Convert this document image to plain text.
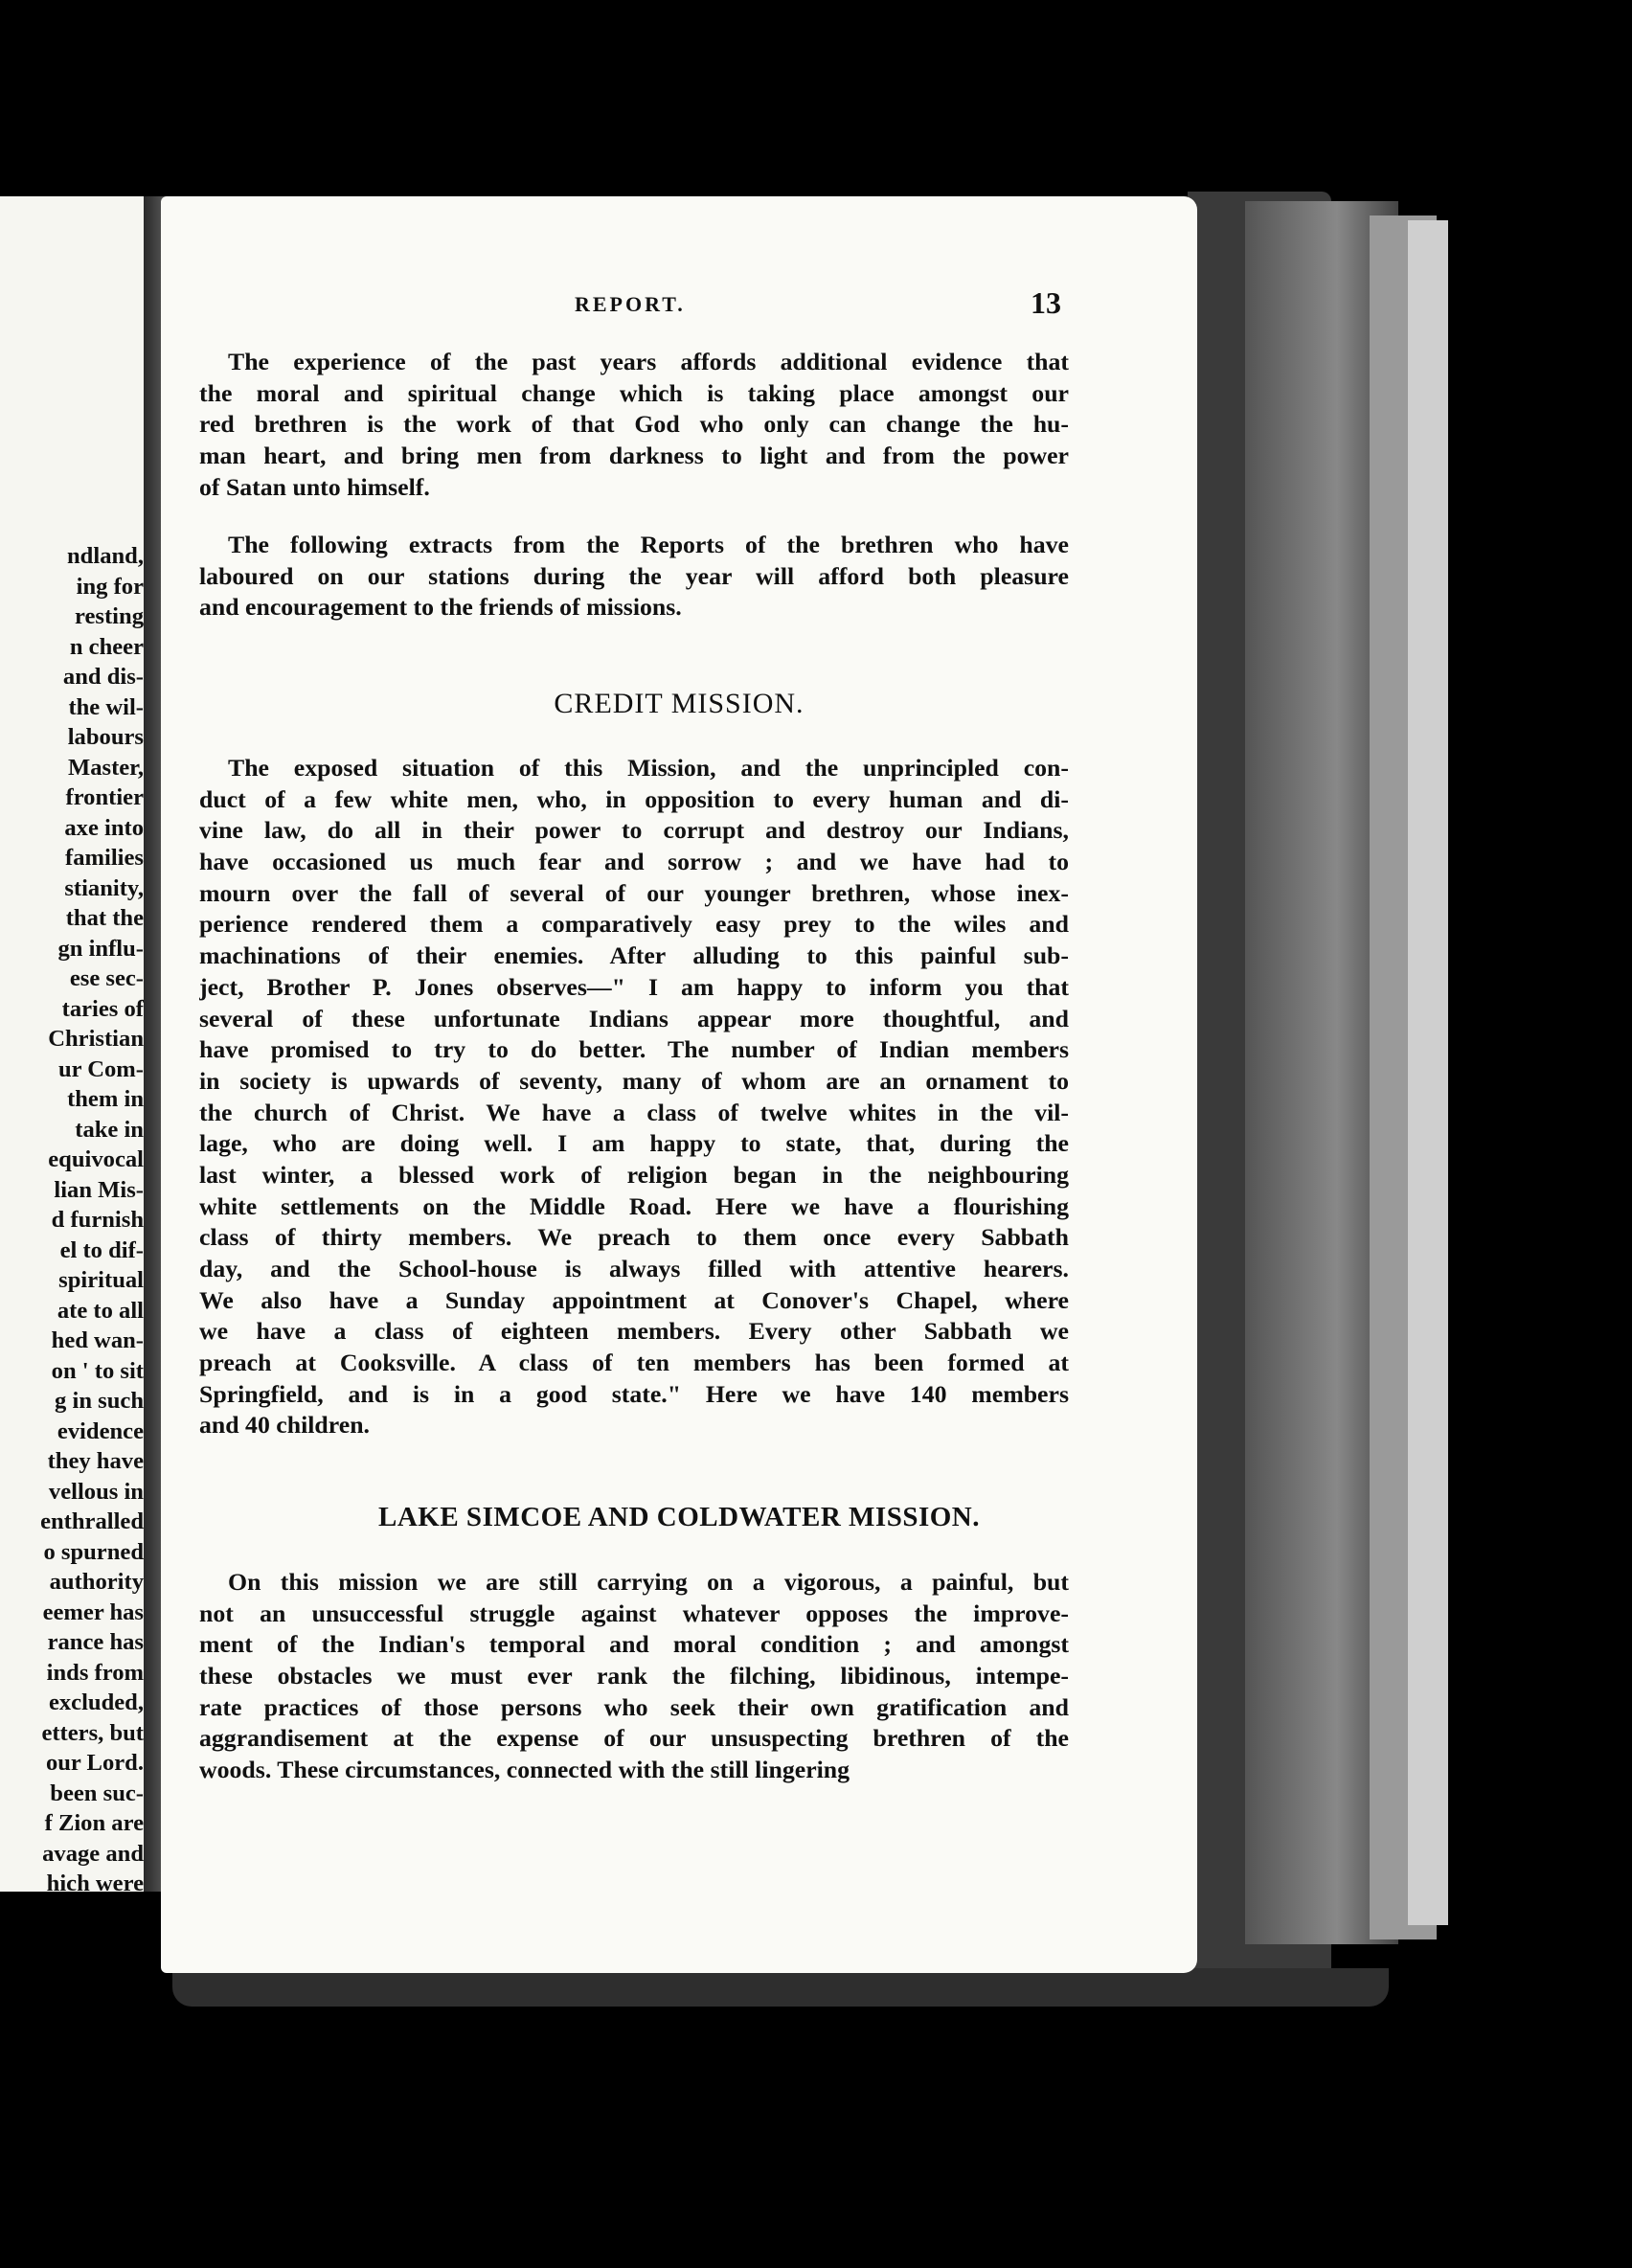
ndland,
ing for
resting
n cheer
and dis-
the wil-
labours
Master,
frontier
axe into
families
stianity,
that the
gn influ-
ese sec-
taries of
Christian
ur Com-
them in
take in
equivocal
lian Mis-
d furnish
el to dif-
spiritual
ate to all
hed wan-
on ' to sit
g in such
evidence
they have
vellous in
enthralled
o spurned
authority
eemer has
rance has
inds from
excluded,
etters, but
our Lord.
been suc-
f Zion are
avage and
hich were
REPORT.	13
The experience of the past years affords additional evidence that
the moral and spiritual change which is taking place amongst our
red brethren is the work of that God who only can change the hu-
man heart, and bring men from darkness to light and from the power
of Satan unto himself.
The following extracts from the Reports of the brethren who have
laboured on our stations during the year will afford both pleasure
and encouragement to the friends of missions.
CREDIT MISSION.
The exposed situation of this Mission, and the unprincipled con-
duct of a few white men, who, in opposition to every human and di-
vine law, do all in their power to corrupt and destroy our Indians,
have occasioned us much fear and sorrow ; and we have had to
mourn over the fall of several of our younger brethren, whose inex-
perience rendered them a comparatively easy prey to the wiles and
machinations of their enemies. After alluding to this painful sub-
ject, Brother P. Jones observes—" I am happy to inform you that
several of these unfortunate Indians appear more thoughtful, and
have promised to try to do better. The number of Indian members
in society is upwards of seventy, many of whom are an ornament to
the church of Christ. We have a class of twelve whites in the vil-
lage, who are doing well. I am happy to state, that, during the
last winter, a blessed work of religion began in the neighbouring
white settlements on the Middle Road. Here we have a flourishing
class of thirty members. We preach to them once every Sabbath
day, and the School-house is always filled with attentive hearers.
We also have a Sunday appointment at Conover's Chapel, where
we have a class of eighteen members. Every other Sabbath we
preach at Cooksville. A class of ten members has been formed at
Springfield, and is in a good state." Here we have 140 members
and 40 children.
LAKE SIMCOE AND COLDWATER MISSION.
On this mission we are still carrying on a vigorous, a painful, but
not an unsuccessful struggle against whatever opposes the improve-
ment of the Indian's temporal and moral condition ; and amongst
these obstacles we must ever rank the filching, libidinous, intempe-
rate practices of those persons who seek their own gratification and
aggrandisement at the expense of our unsuspecting brethren of the
woods. These circumstances, connected with the still lingering
